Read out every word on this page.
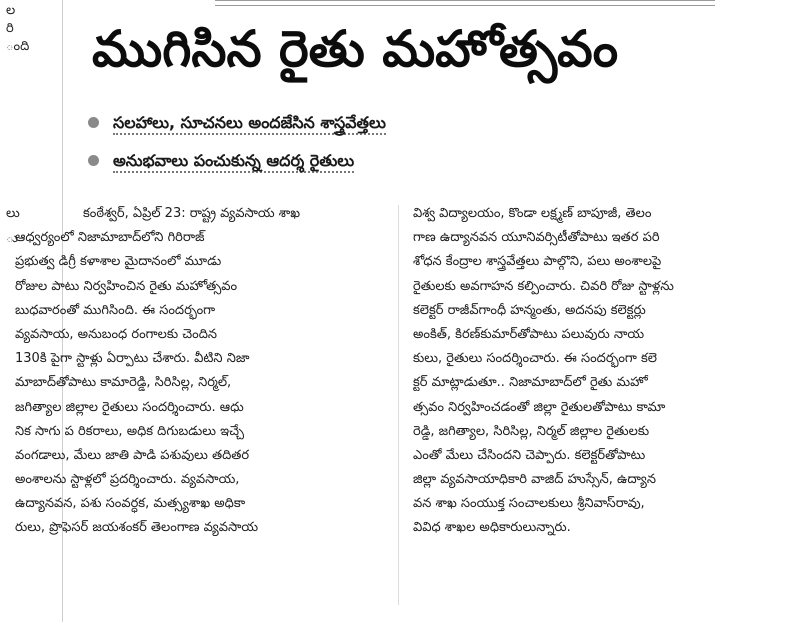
ల
రి
ంది
లు
ు
ముగిసిన రైతు మహోత్సవం
సలహాలు, సూచనలు అందజేసిన శాస్త్రవేత్తలు
అనుభవాలు పంచుకున్న ఆదర్శ రైతులు
కంఠేశ్వర్, ఏప్రిల్ 23: రాష్ట్ర వ్యవసాయ శాఖ
ఆధ్వర్యంలో నిజామాబాద్‌లోని గిరిరాజ్
ప్రభుత్వ డిగ్రీ కళాశాల మైదానంలో మూడు
రోజుల పాటు నిర్వహించిన రైతు మహోత్సవం
బుధవారంతో ముగిసింది. ఈ సందర్భంగా
వ్యవసాయ, అనుబంధ రంగాలకు చెందిన
130కి పైగా స్టాళ్లు ఏర్పాటు చేశారు. వీటిని నిజా
మాబాద్‌తోపాటు కామారెడ్డి, సిరిసిల్ల, నిర్మల్,
జగిత్యాల జిల్లాల రైతులు సందర్శించారు. ఆధు
నిక సాగు ప రికరాలు, అధిక దిగుబడులు ఇచ్చే
వంగడాలు, మేలు జాతి పాడి పశువులు తదితర
అంశాలను స్టాళ్లలో ప్రదర్శించారు. వ్యవసాయ,
ఉద్యానవన, పశు సంవర్ధక, మత్స్యశాఖ అధికా
రులు, ప్రొఫెసర్ జయశంకర్ తెలంగాణ వ్యవసాయ
విశ్వ విద్యాలయం, కొండా లక్ష్మణ్ బాపూజీ, తెలం
గాణ ఉద్యానవన యూనివర్సిటీతోపాటు ఇతర పరి
శోధన కేంద్రాల శాస్త్రవేత్తలు పాల్గొని, పలు అంశాలపై
రైతులకు అవగాహన కల్పించారు. చివరి రోజు స్టాళ్లను
కలెక్టర్ రాజీవ్‌గాంధీ హన్మంతు, అదనపు కలెక్టర్లు
అంకిత్, కిరణ్‌కుమార్‌తోపాటు పలువురు నాయ
కులు, రైతులు సందర్శించారు. ఈ సందర్భంగా కలె
క్టర్ మాట్లాడుతూ.. నిజామాబాద్‌లో రైతు మహో
త్సవం నిర్వహించడంతో జిల్లా రైతులతోపాటు కామా
రెడ్డి, జగిత్యాల, సిరిసిల్ల, నిర్మల్ జిల్లాల రైతులకు
ఎంతో మేలు చేసిందని చెప్పారు. కలెక్టర్‌తోపాటు
జిల్లా వ్యవసాయాధికారి వాజిద్ హుస్సేన్, ఉద్యాన
వన శాఖ సంయుక్త సంచాలకులు శ్రీనివాస్‌రావు,
వివిధ శాఖల అధికారులున్నారు.
